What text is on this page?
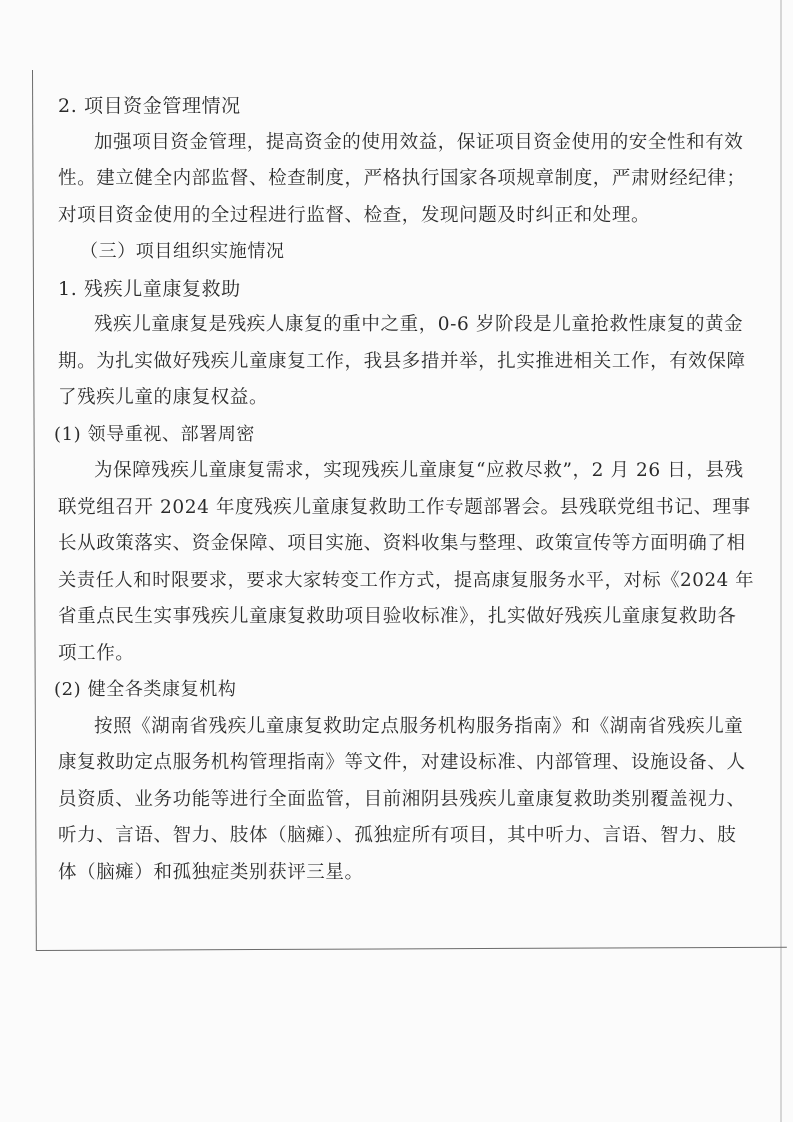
2. 项目资金管理情况
加强项目资金管理，提高资金的使用效益，保证项目资金使用的安全性和有效
性。建立健全内部监督、检查制度，严格执行国家各项规章制度，严肃财经纪律；
对项目资金使用的全过程进行监督、检查，发现问题及时纠正和处理。
（三）项目组织实施情况
1. 残疾儿童康复救助
残疾儿童康复是残疾人康复的重中之重，0-6 岁阶段是儿童抢救性康复的黄金
期。为扎实做好残疾儿童康复工作，我县多措并举，扎实推进相关工作，有效保障
了残疾儿童的康复权益。
(1) 领导重视、部署周密
为保障残疾儿童康复需求，实现残疾儿童康复“应救尽救”，2 月 26 日，县残
联党组召开 2024 年度残疾儿童康复救助工作专题部署会。县残联党组书记、理事
长从政策落实、资金保障、项目实施、资料收集与整理、政策宣传等方面明确了相
关责任人和时限要求，要求大家转变工作方式，提高康复服务水平，对标《2024 年
省重点民生实事残疾儿童康复救助项目验收标准》，扎实做好残疾儿童康复救助各
项工作。
(2) 健全各类康复机构
按照《湖南省残疾儿童康复救助定点服务机构服务指南》和《湖南省残疾儿童
康复救助定点服务机构管理指南》等文件，对建设标准、内部管理、设施设备、人
员资质、业务功能等进行全面监管，目前湘阴县残疾儿童康复救助类别覆盖视力、
听力、言语、智力、肢体（脑瘫）、孤独症所有项目，其中听力、言语、智力、肢
体（脑瘫）和孤独症类别获评三星。
